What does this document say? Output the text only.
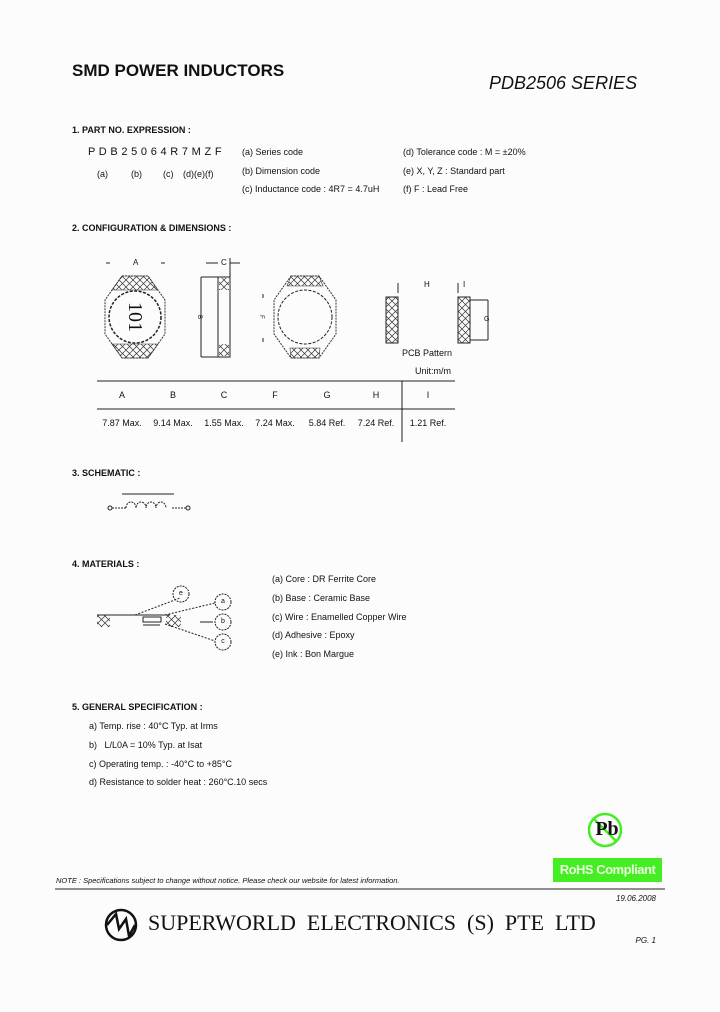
SMD POWER INDUCTORS
PDB2506 SERIES
1. PART NO. EXPRESSION :
P D B 2 5 0 6 4 R 7 M Z F
(a)	(b) (c) (d)(e)(f)
(a) Series code
(b) Dimension code
(c) Inductance code : 4R7 = 4.7uH
(d) Tolerance code : M = ±20%
(e) X, Y, Z : Standard part
(f) F : Lead Free
2. CONFIGURATION & DIMENSIONS :
101
A
B
C
F	G
H	I
PCB Pattern
Unit:m/m
A	B	C	F	G	H	I
7.87 Max. 9.14 Max. 1.55 Max. 7.24 Max. 5.84 Ref. 7.24 Ref. 1.21 Ref.
3. SCHEMATIC :
4. MATERIALS :
e
a
b
c
(a) Core : DR Ferrite Core
(b) Base : Ceramic Base
(c) Wire : Enamelled Copper Wire
(d) Adhesive : Epoxy
(e) Ink : Bon Margue
5. GENERAL SPECIFICATION :
a) Temp. rise : 40°C Typ. at Irms
b)   L/L0A = 10% Typ. at Isat
c) Operating temp. : -40°C to +85°C
d) Resistance to solder heat : 260°C.10 secs
Pb
RoHS Compliant
NOTE : Specifications subject to change without notice. Please check our website for latest information.
19.06.2008
SUPERWORLD  ELECTRONICS  (S)  PTE  LTD
PG. 1
